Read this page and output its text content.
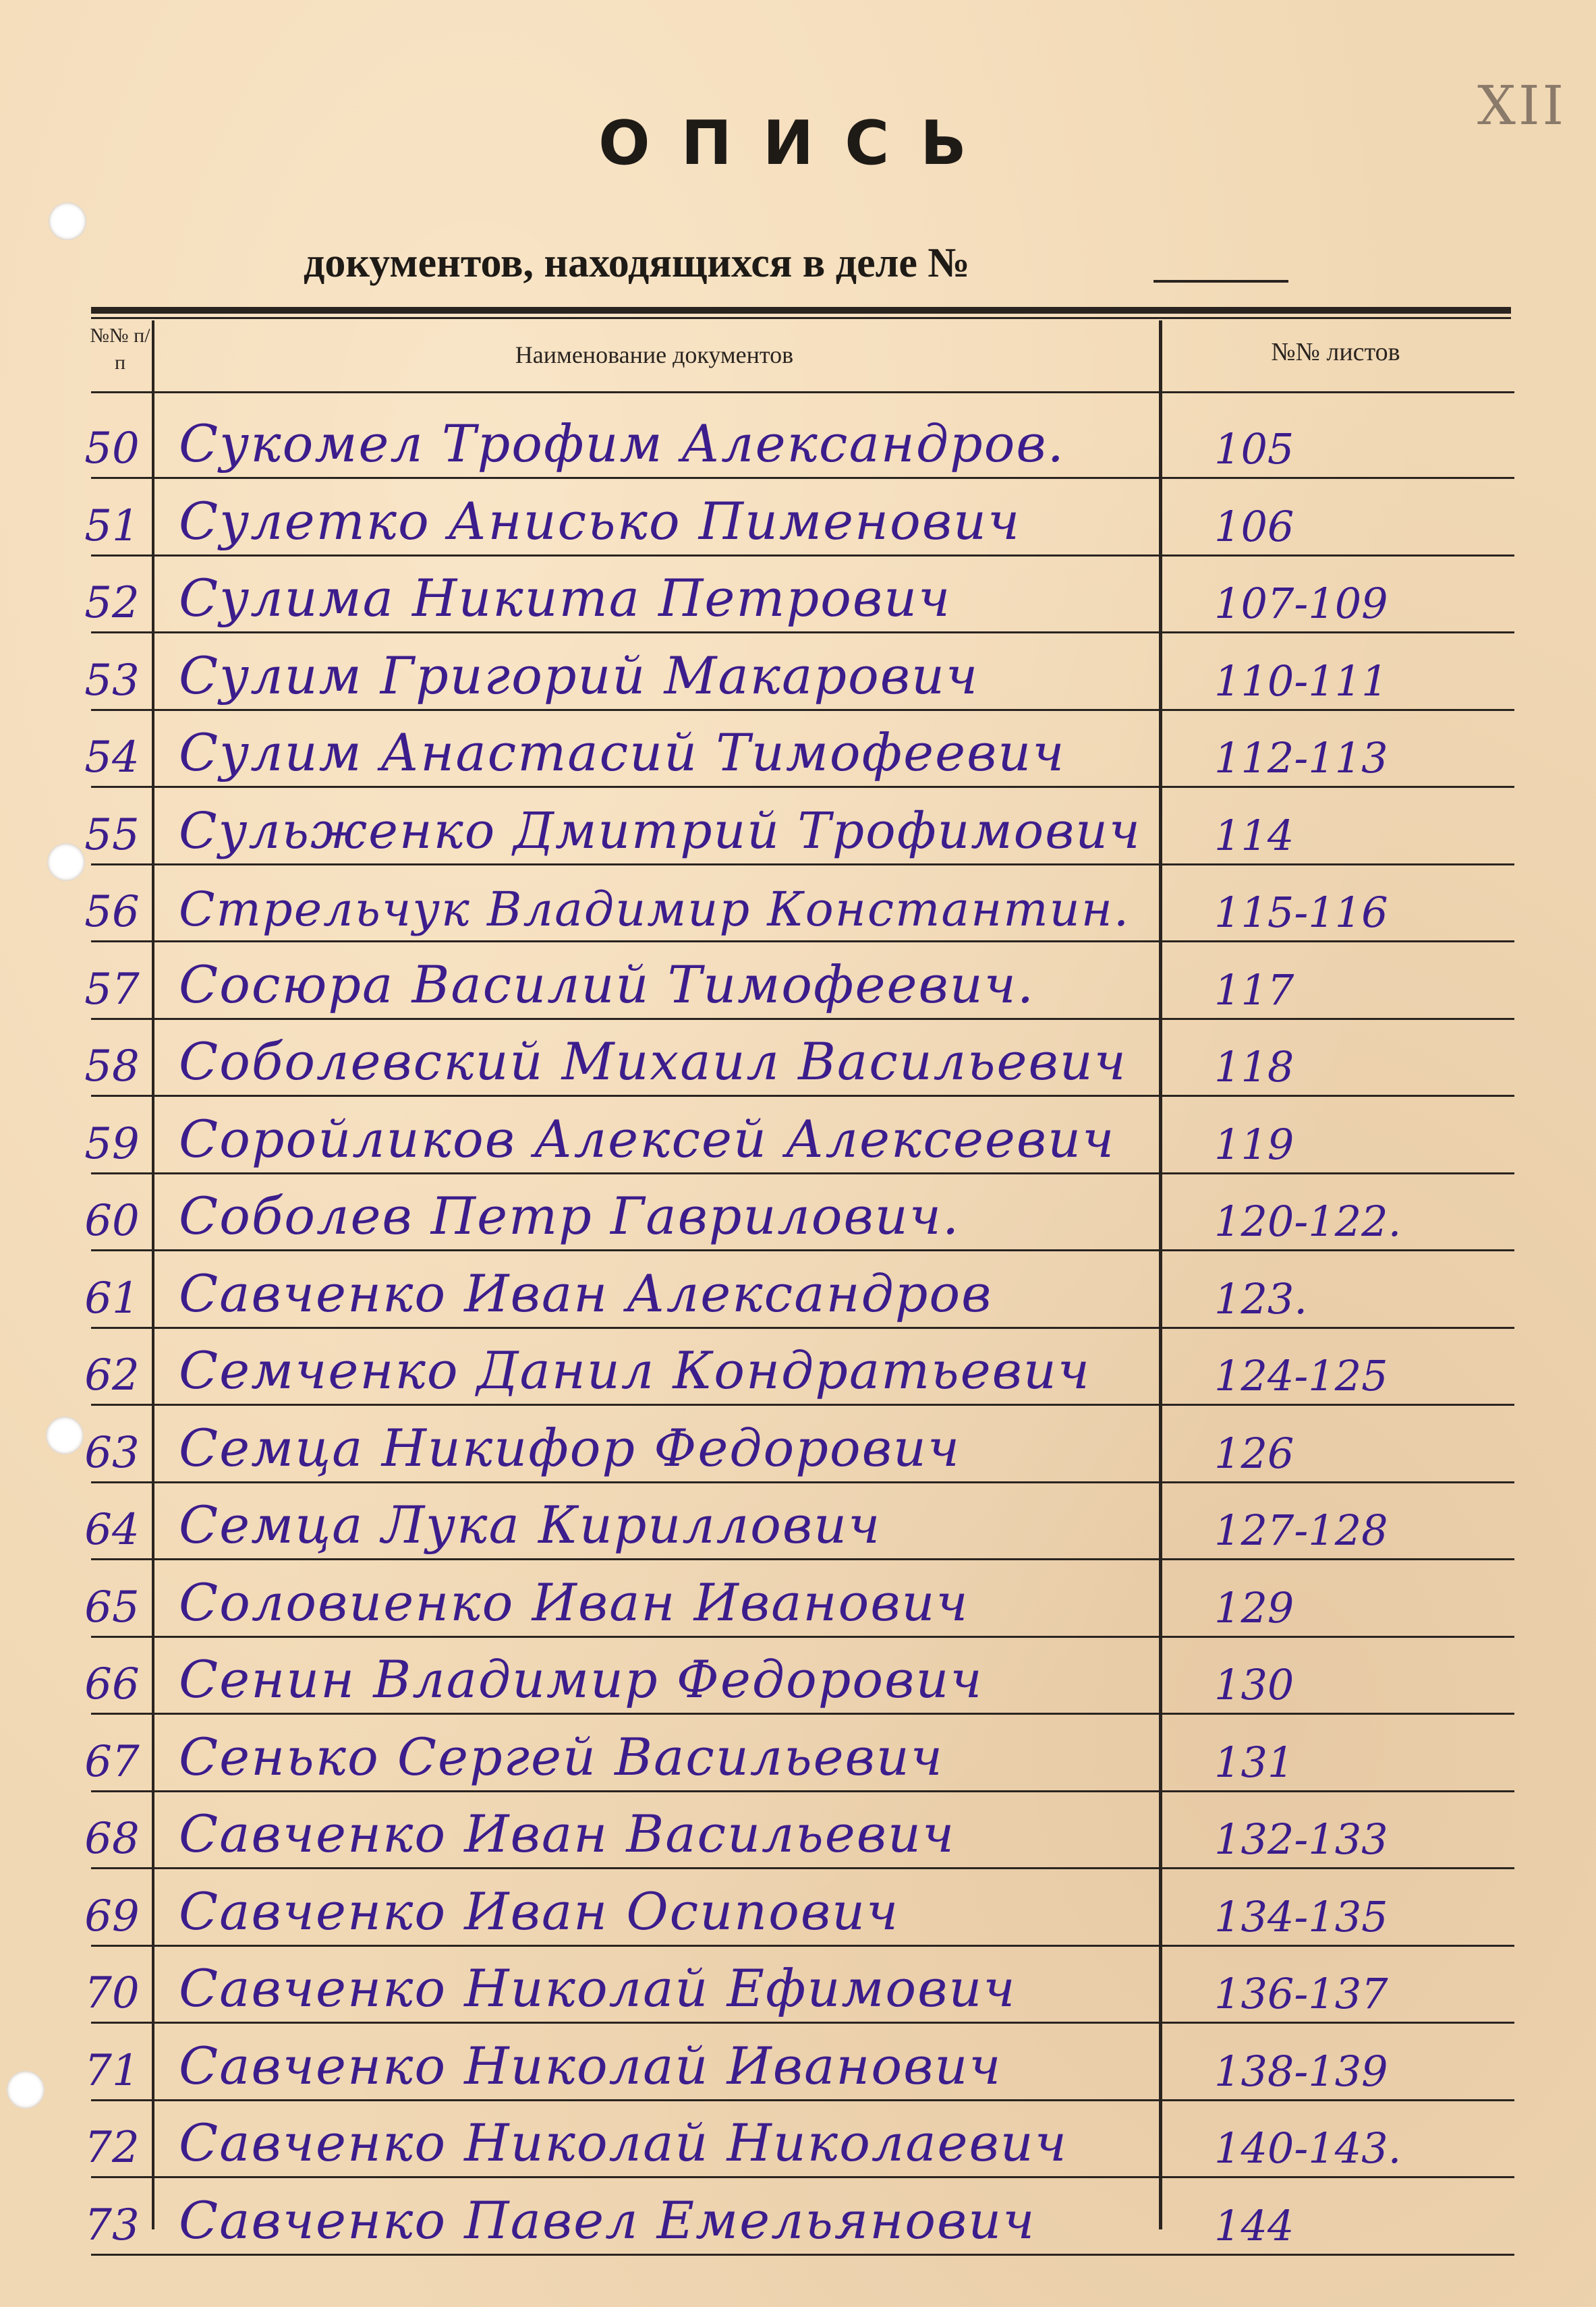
XII
ОПИСЬ
документов, находящихся в деле №
№№ п/п	Наименование документов	№№ листов
50 Сукомел Трофим Александров.	105
51 Сулетко Анисько Пименович	106
52 Сулима Никита Петрович	107-109
53 Сулим Григорий Макарович	110-111
54 Сулим Анастасий Тимофеевич	112-113
55 Сульженко Дмитрий Трофимович 114
56 Стрельчук Владимир Константин. 115-116
57 Сосюра Василий Тимофеевич.	117
58 Соболевский Михаил Васильевич 118
59 Соройликов Алексей Алексеевич 119
60 Соболев Петр Гаврилович.	120-122.
61 Савченко Иван Александров	123.
62 Семченко Данил Кондратьевич	124-125
63 Семца Никифор Федорович	126
64 Семца Лука Кириллович	127-128
65 Соловиенко Иван Иванович	129
66 Сенин Владимир Федорович	130
67 Сенько Сергей Васильевич	131
68 Савченко Иван Васильевич	132-133
69 Савченко Иван Осипович	134-135
70 Савченко Николай Ефимович	136-137
71 Савченко Николай Иванович	138-139
72 Савченко Николай Николаевич	140-143.
73 Савченко Павел Емельянович	144
